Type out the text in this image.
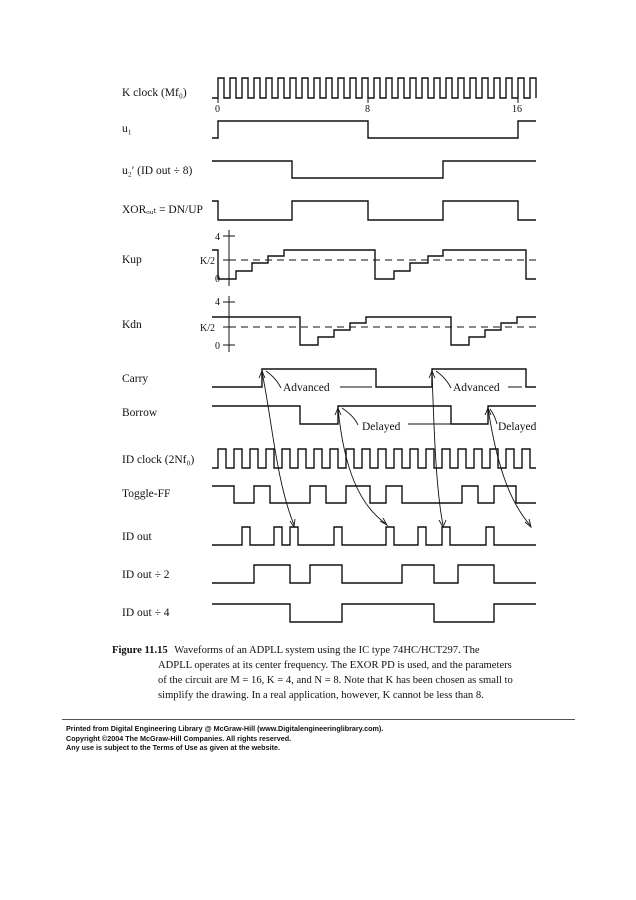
K clock (Mf₀)
u₁
u₂′ (ID out ÷ 8)
XORₒᵤₜ = DN/UP
Kup
Kdn
Carry
Borrow
ID clock (2Nf₀)
Toggle-FF
ID out
ID out ÷ 2
ID out ÷ 4
0	8	16
4
K/2
0
4
K/2
0
Advanced	Advanced
Delayed	Delayed
Figure 11.15 Waveforms of an ADPLL system using the IC type 74HC/HCT297. The
ADPLL operates at its center frequency. The EXOR PD is used, and the parameters
of the circuit are M = 16, K = 4, and N = 8. Note that K has been chosen as small to
simplify the drawing. In a real application, however, K cannot be less than 8.
Printed from Digital Engineering Library @ McGraw-Hill (www.Digitalengineeringlibrary.com).
Copyright ©2004 The McGraw-Hill Companies. All rights reserved.
Any use is subject to the Terms of Use as given at the website.
